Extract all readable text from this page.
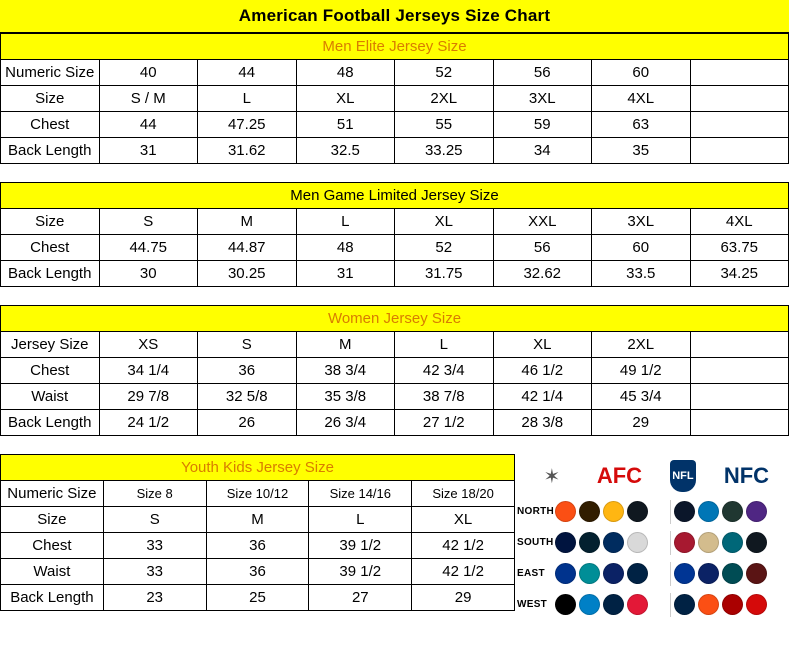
American Football Jerseys Size Chart
Men Elite Jersey Size							
Numeric Size	40	44	48	52	56	60	
Size	S / M	L	XL	2XL	3XL	4XL	
Chest	44	47.25	51	55	59	63	
Back Length	31	31.62	32.5	33.25	34	35	
Men Game Limited Jersey Size							
Size	S	M	L	XL	XXL	3XL	4XL
Chest	44.75	44.87	48	52	56	60	63.75
Back Length	30	30.25	31	31.75	32.62	33.5	34.25
Women Jersey Size							
Jersey Size	XS	S	M	L	XL	2XL	
Chest	34 1/4	36	38 3/4	42 3/4	46 1/2	49 1/2	
Waist	29 7/8	32 5/8	35 3/8	38 7/8	42 1/4	45 3/4	
Back Length	24 1/2	26	26 3/4	27 1/2	28 3/8	29	
Youth Kids Jersey Size				
Numeric Size	Size 8	Size 10/12	Size 14/16	Size 18/20
Size	S	M	L	XL
Chest	33	36	39 1/2	42 1/2
Waist	33	36	39 1/2	42 1/2
Back Length	23	25	27	29
✶	AFC	NFL NFC
NORTH
SOUTH
EAST
WEST
